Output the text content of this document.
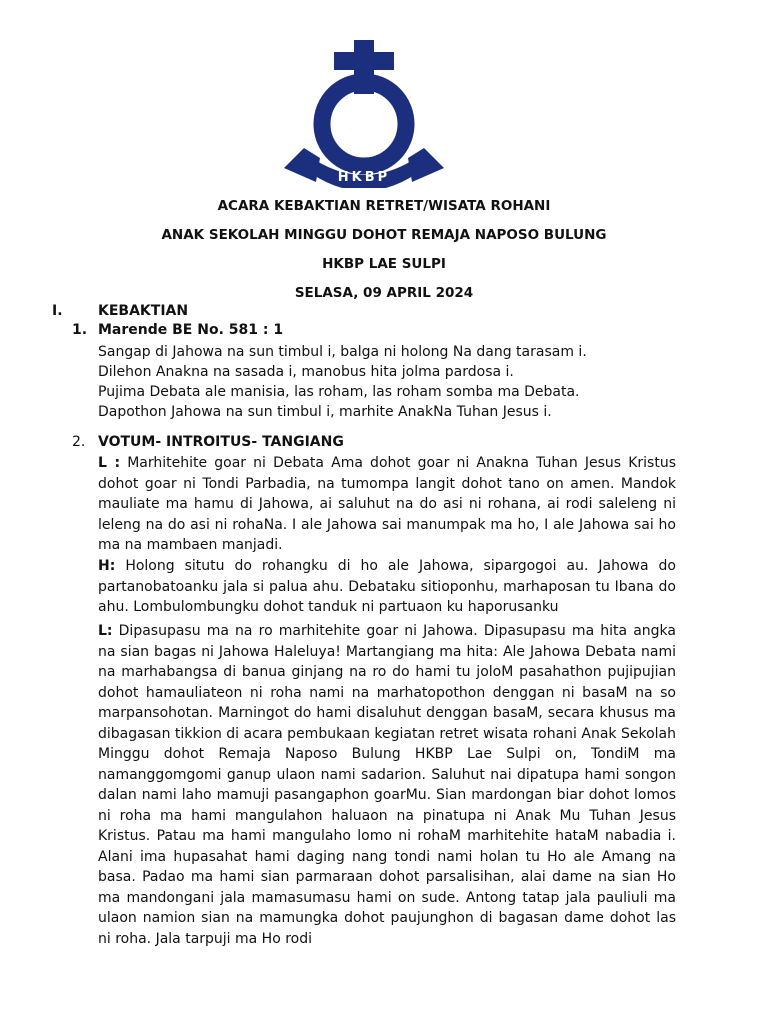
HKBP
ACARA KEBAKTIAN RETRET/WISATA ROHANI
ANAK SEKOLAH MINGGU DOHOT REMAJA NAPOSO BULUNG
HKBP LAE SULPI
SELASA, 09 APRIL 2024
I.	KEBAKTIAN
1. Marende BE No. 581 : 1
Sangap di Jahowa na sun timbul i, balga ni holong Na dang tarasam i.
Dilehon Anakna na sasada i, manobus hita jolma pardosa i.
Pujima Debata ale manisia, las roham, las roham somba ma Debata.
Dapothon Jahowa na sun timbul i, marhite AnakNa Tuhan Jesus i.
2. VOTUM- INTROITUS- TANGIANG
L : Marhitehite goar ni Debata Ama dohot goar ni Anakna Tuhan Jesus Kristus dohot goar ni Tondi Parbadia, na tumompa langit dohot tano on amen. Mandok mauliate ma hamu di Jahowa, ai saluhut na do asi ni rohana, ai rodi saleleng ni leleng na do asi ni rohaNa. I ale Jahowa sai manumpak ma ho, I ale Jahowa sai ho ma na mambaen manjadi.
H: Holong situtu do rohangku di ho ale Jahowa, sipargogoi au. Jahowa do partanobatoanku jala si palua ahu. Debataku sitioponhu, marhaposan tu Ibana do ahu. Lombulombungku dohot tanduk ni partuaon ku haporusanku
L: Dipasupasu ma na ro marhitehite goar ni Jahowa. Dipasupasu ma hita angka na sian bagas ni Jahowa Haleluya! Martangiang ma hita: Ale Jahowa Debata nami na marhabangsa di banua ginjang na ro do hami tu joloM pasahathon pujipujian dohot hamauliateon ni roha nami na marhatopothon denggan ni basaM na so marpansohotan. Marningot do hami disaluhut denggan basaM, secara khusus ma dibagasan tikkion di acara pembukaan kegiatan retret wisata rohani Anak Sekolah Minggu dohot Remaja Naposo Bulung HKBP Lae Sulpi on, TondiM ma namanggomgomi ganup ulaon nami sadarion. Saluhut nai dipatupa hami songon dalan nami laho mamuji pasangaphon goarMu. Sian mardongan biar dohot lomos ni roha ma hami mangulahon haluaon na pinatupa ni Anak Mu Tuhan Jesus Kristus. Patau ma hami mangulaho lomo ni rohaM marhitehite hataM nabadia i. Alani ima hupasahat hami daging nang tondi nami holan tu Ho ale Amang na basa. Padao ma hami sian parmaraan dohot parsalisihan, alai dame na sian Ho ma mandongani jala mamasumasu hami on sude. Antong tatap jala pauliuli ma ulaon namion sian na mamungka dohot paujunghon di bagasan dame dohot las ni roha. Jala tarpuji ma Ho rodi
